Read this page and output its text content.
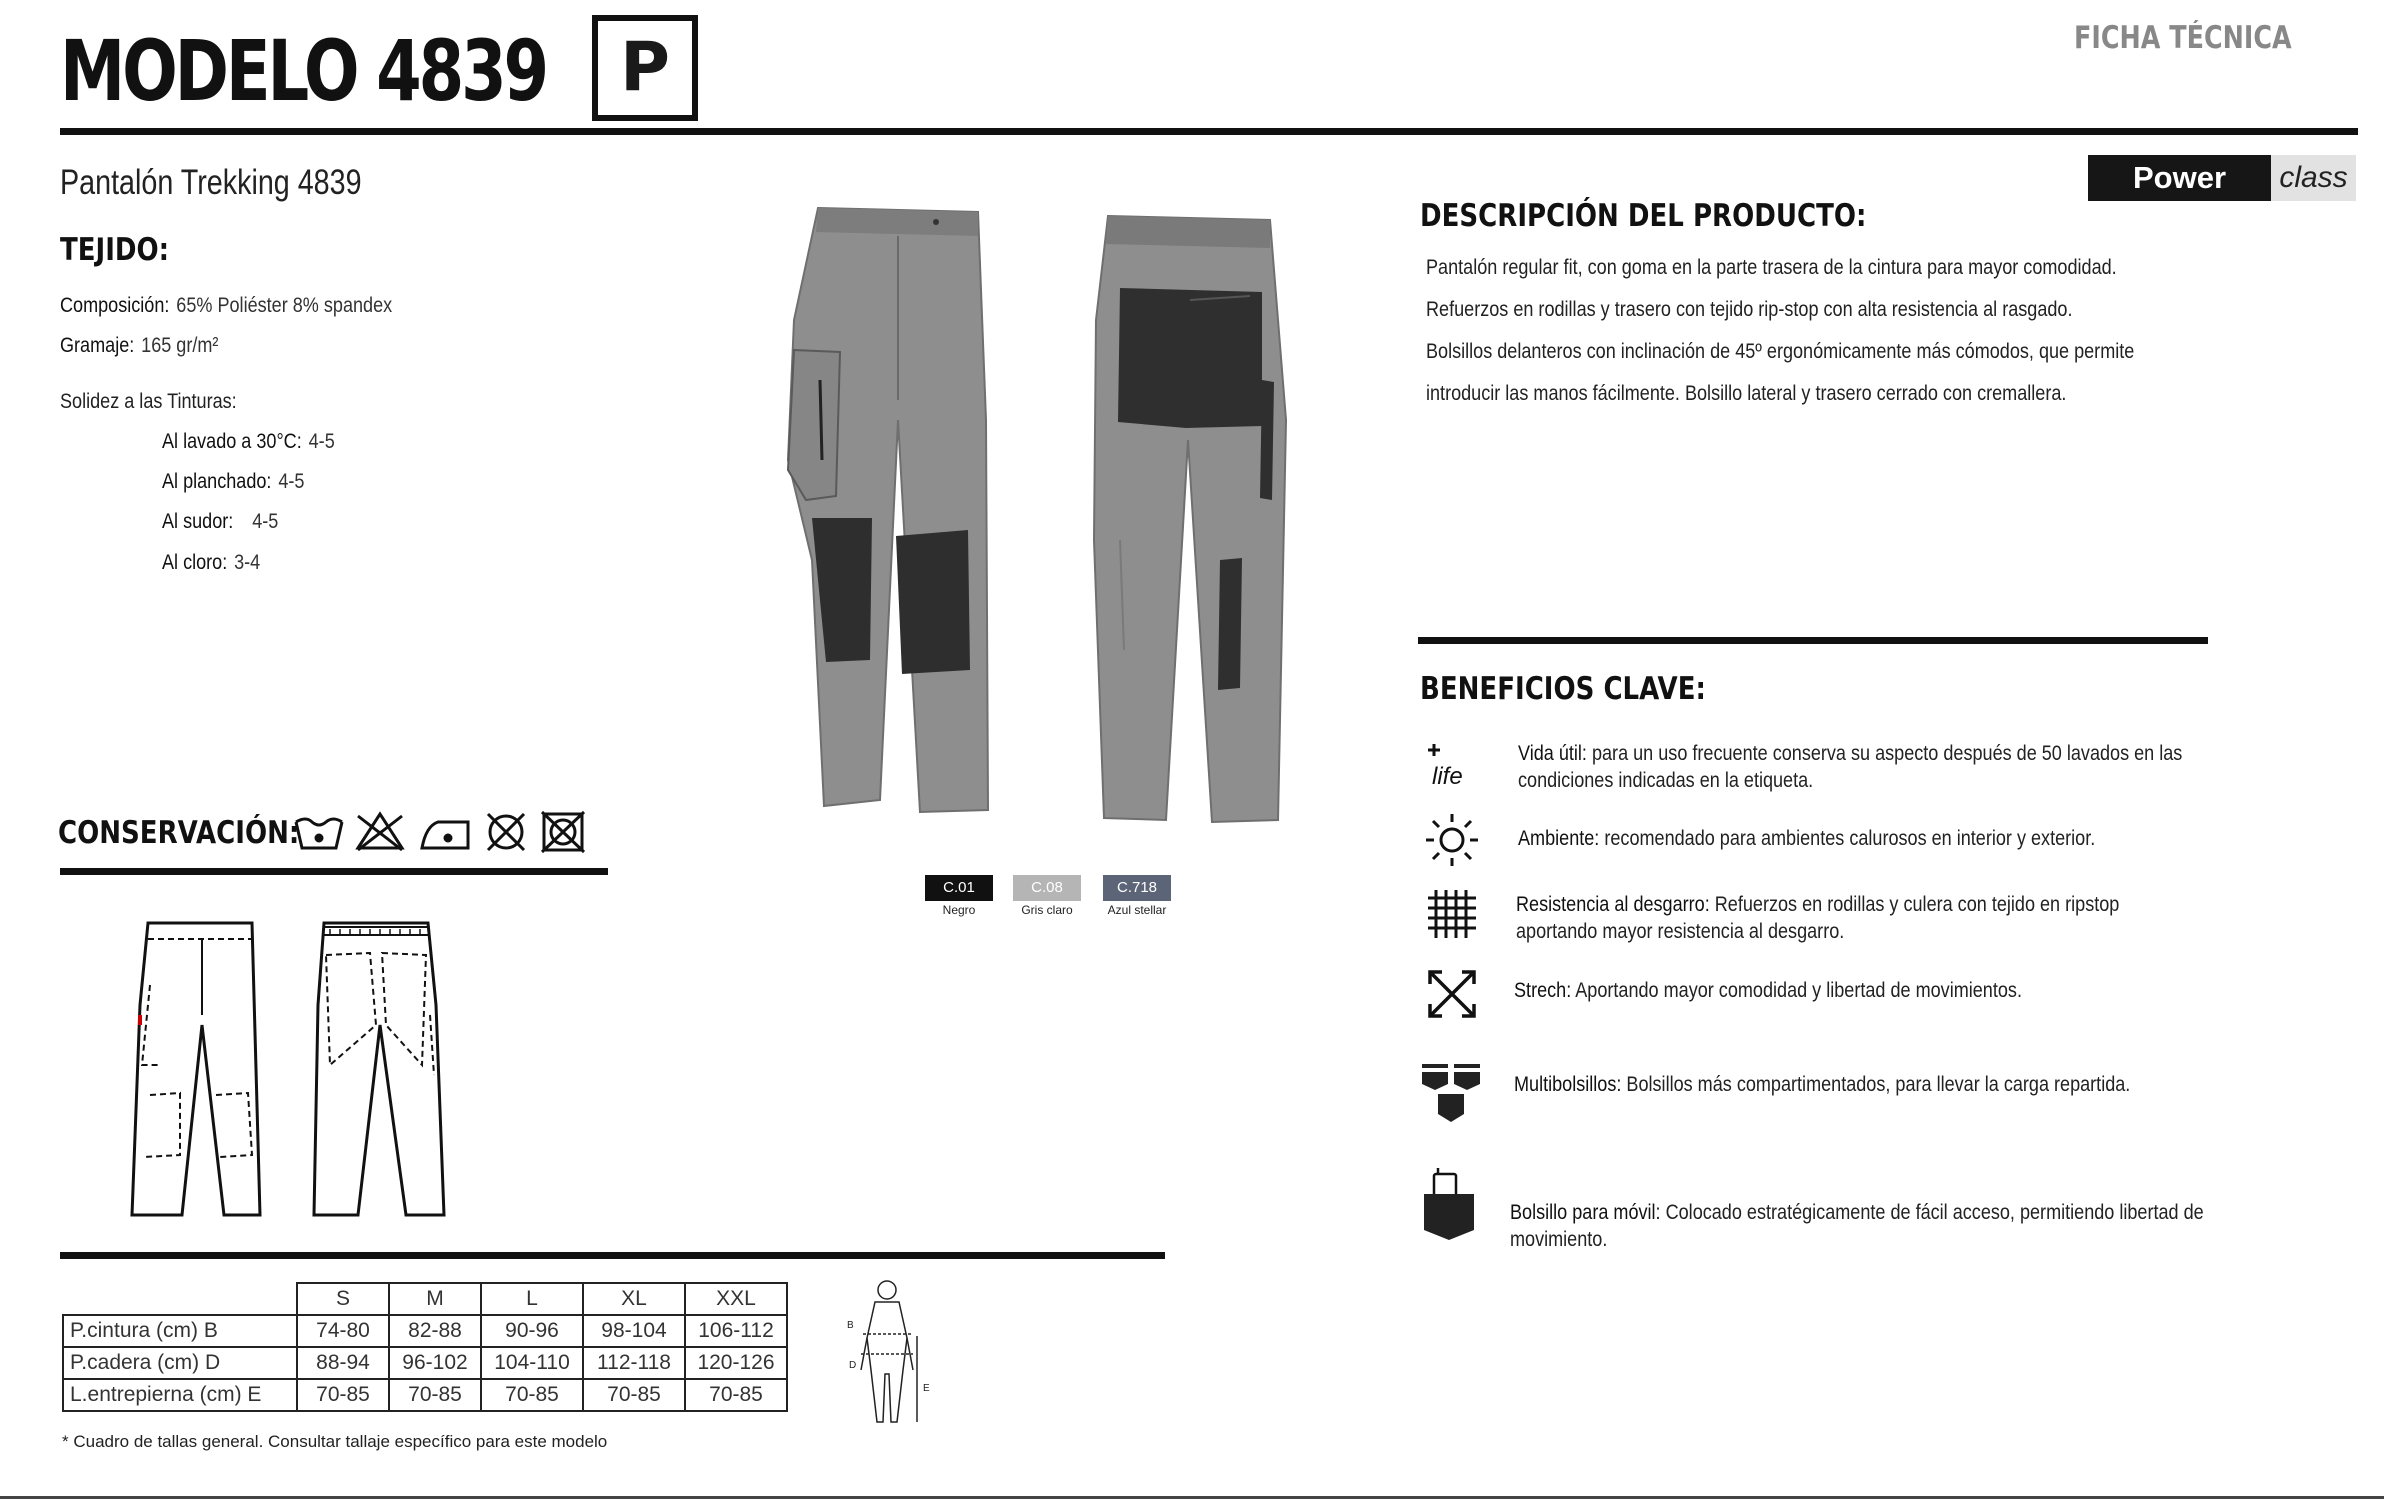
MODELO 4839	P	FICHA TÉCNICA
Power	class
Pantalón Trekking 4839
TEJIDO:
Composición: 65% Poliéster 8% spandex
Gramaje: 165 gr/m²
Solidez a las Tinturas:
Al lavado a 30°C: 4-5
Al planchado: 4-5
Al sudor: 4-5
Al cloro: 3-4
CONSERVACIÓN:
	S	M	L	XL	XXL
P.cintura (cm) B	74-80	82-88	90-96	98-104	106-112
P.cadera (cm) D	88-94	96-102	104-110	112-118	120-126
L.entrepierna (cm) E	70-85	70-85	70-85	70-85	70-85
* Cuadro de tallas general. Consultar tallaje específico para este modelo
B
D
E
C.01
Negro
C.08
Gris claro
C.718
Azul stellar
DESCRIPCIÓN DEL PRODUCTO:
Pantalón regular fit, con goma en la parte trasera de la cintura para mayor comodidad.
Refuerzos en rodillas y trasero con tejido rip-stop con alta resistencia al rasgado.
Bolsillos delanteros con inclinación de 45º ergonómicamente más cómodos, que permite
introducir las manos fácilmente. Bolsillo lateral y trasero cerrado con cremallera.
BENEFICIOS CLAVE:
life
Vida útil: para un uso frecuente conserva su aspecto después de 50 lavados en las condiciones indicadas en la etiqueta.
Ambiente: recomendado para ambientes calurosos en interior y exterior.
Resistencia al desgarro: Refuerzos en rodillas y culera con tejido en ripstop aportando mayor resistencia al desgarro.
Strech: Aportando mayor comodidad y libertad de movimientos.
Multibolsillos: Bolsillos más compartimentados, para llevar la carga repartida.
Bolsillo para móvil: Colocado estratégicamente de fácil acceso, permitiendo libertad de movimiento.
